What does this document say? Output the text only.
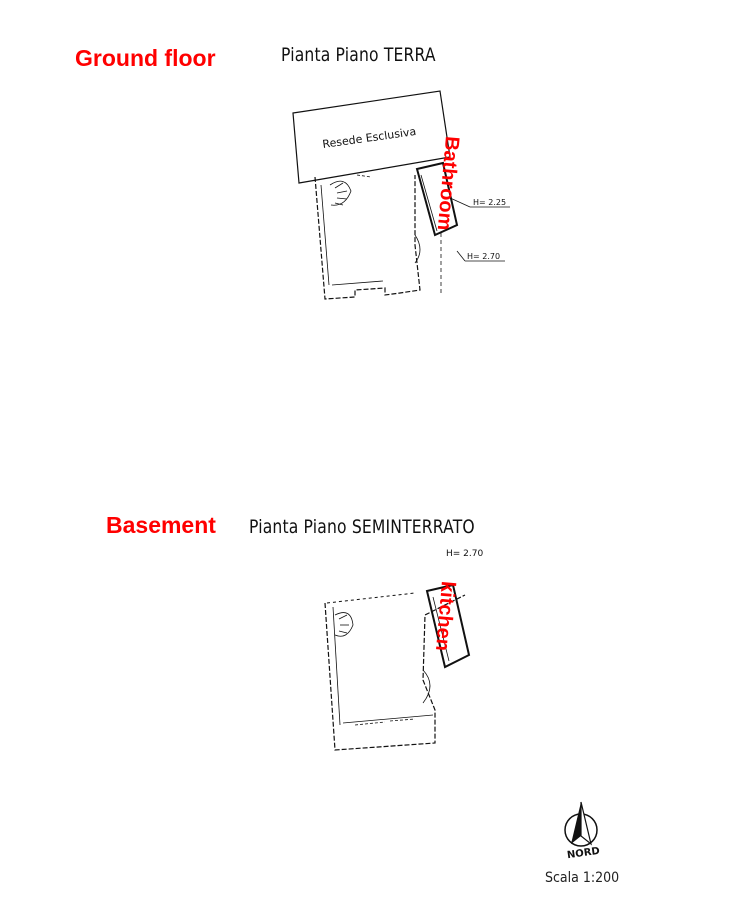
Ground floor	Pianta Piano TERRA
Resede Esclusiva
H= 2.25
H= 2.70
Bathroom
Basement Pianta Piano SEMINTERRATO
H= 2.70
kitchen
NORD
Scala 1:200
